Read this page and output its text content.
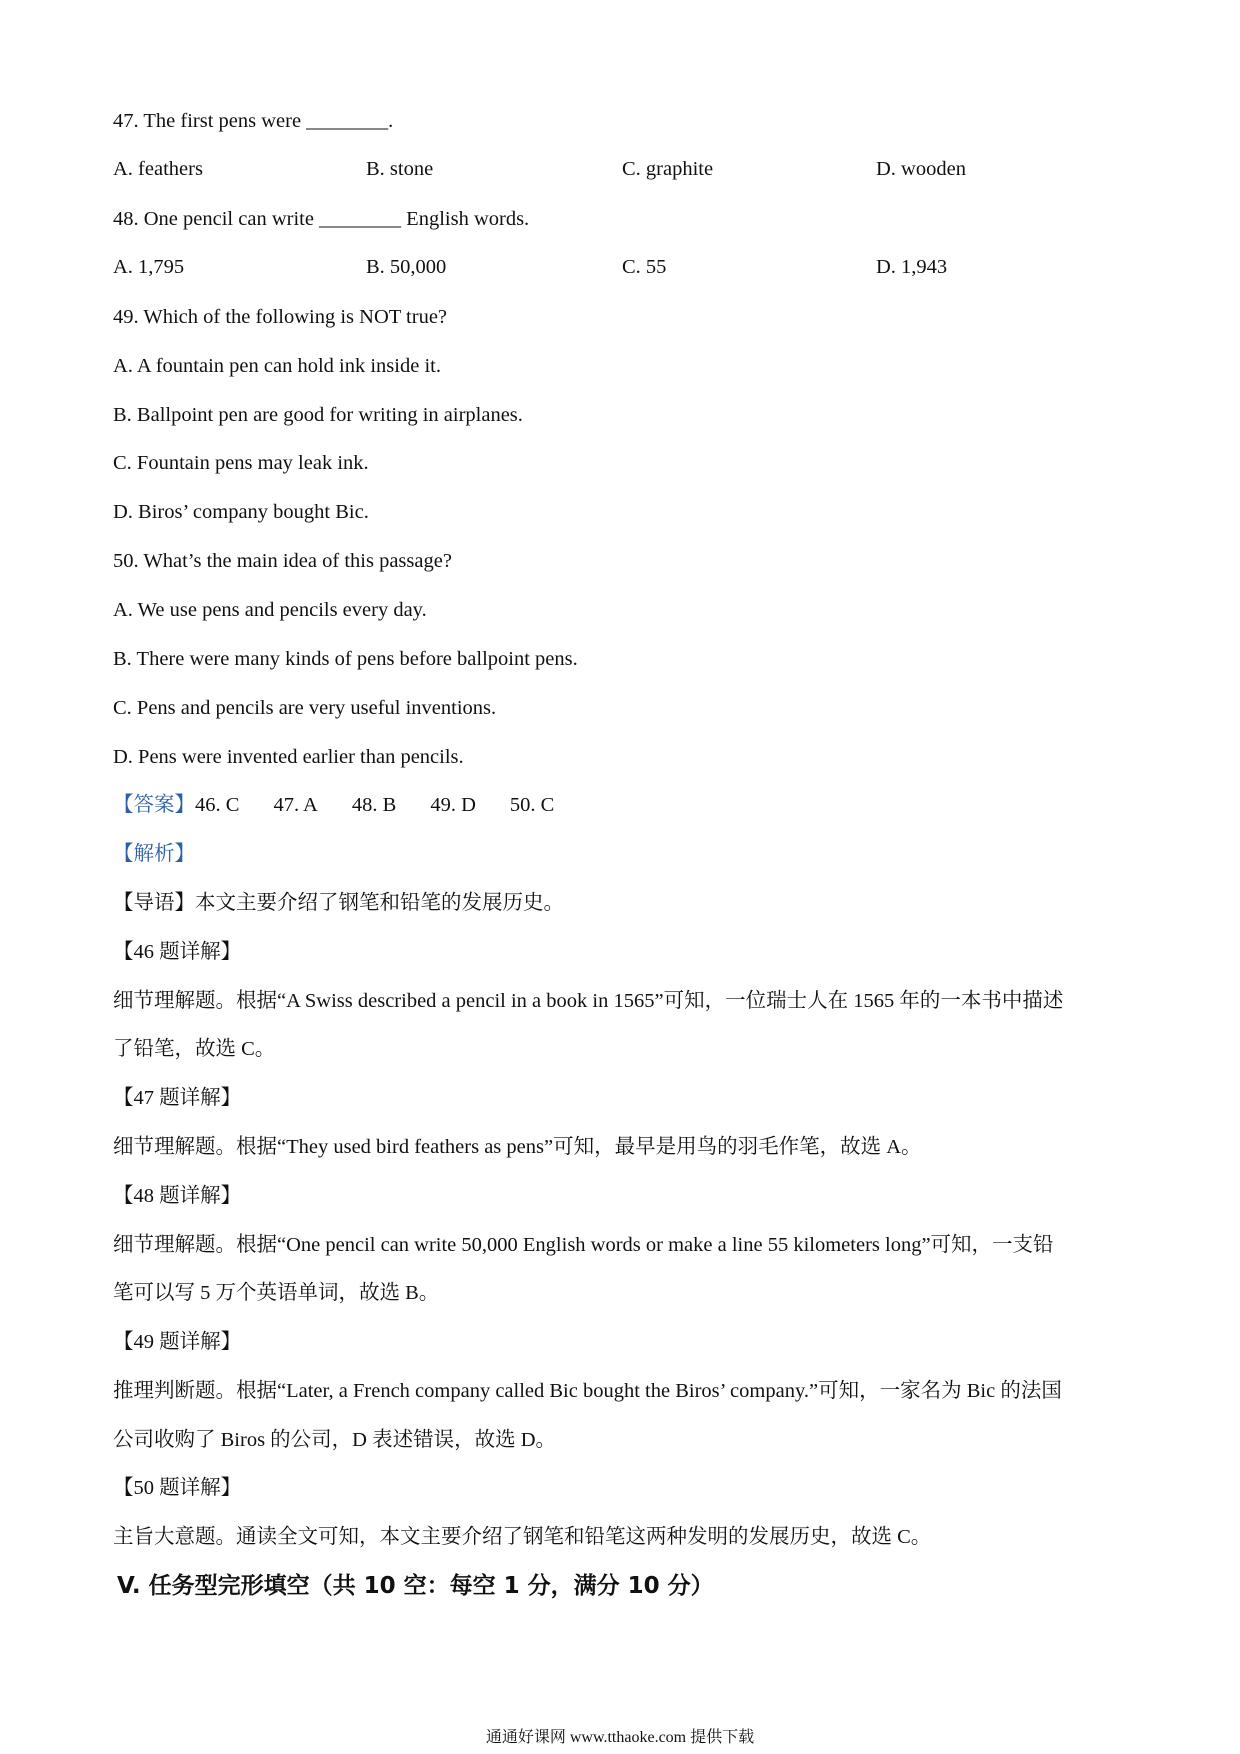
47. The first pens were ________.
A. feathers	B. stone	C. graphite	D. wooden
48. One pencil can write ________ English words.
A. 1,795	B. 50,000	C. 55	D. 1,943
49. Which of the following is NOT true?
A. A fountain pen can hold ink inside it.
B. Ballpoint pen are good for writing in airplanes.
C. Fountain pens may leak ink.
D. Biros’ company bought Bic.
50. What’s the main idea of this passage?
A. We use pens and pencils every day.
B. There were many kinds of pens before ballpoint pens.
C. Pens and pencils are very useful inventions.
D. Pens were invented earlier than pencils.
【答案】46. C 47. A 48. B 49. D 50. C
【解析】
【导语】本文主要介绍了钢笔和铅笔的发展历史。
【46 题详解】
细节理解题。根据“A Swiss described a pencil in a book in 1565”可知，一位瑞士人在 1565 年的一本书中描述
了铅笔，故选 C。
【47 题详解】
细节理解题。根据“They used bird feathers as pens”可知，最早是用鸟的羽毛作笔，故选 A。
【48 题详解】
细节理解题。根据“One pencil can write 50,000 English words or make a line 55 kilometers long”可知，一支铅
笔可以写 5 万个英语单词，故选 B。
【49 题详解】
推理判断题。根据“Later, a French company called Bic bought the Biros’ company.”可知，一家名为 Bic 的法国
公司收购了 Biros 的公司，D 表述错误，故选 D。
【50 题详解】
主旨大意题。通读全文可知，本文主要介绍了钢笔和铅笔这两种发明的发展历史，故选 C。
V. 任务型完形填空（共 10 空：每空 1 分，满分 10 分）
通通好课网 www.tthaoke.com 提供下载
